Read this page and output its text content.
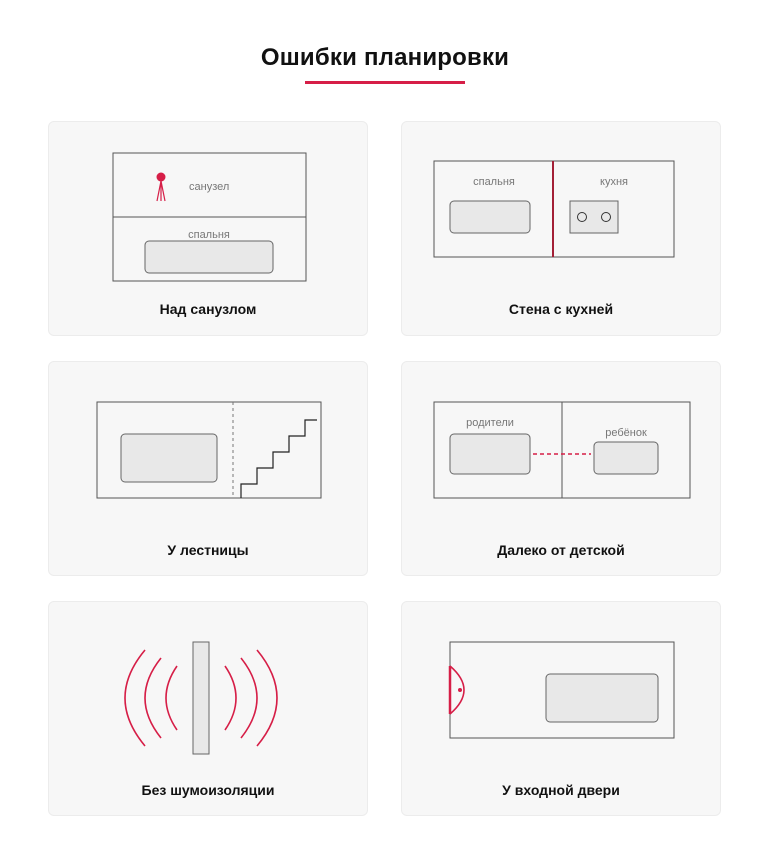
Ошибки планировки
санузел
спальня
Над санузлом
спальня	кухня
Стена с кухней
У лестницы
родители
ребёнок
Далеко от детской
Без шумоизоляции	У входной двери
